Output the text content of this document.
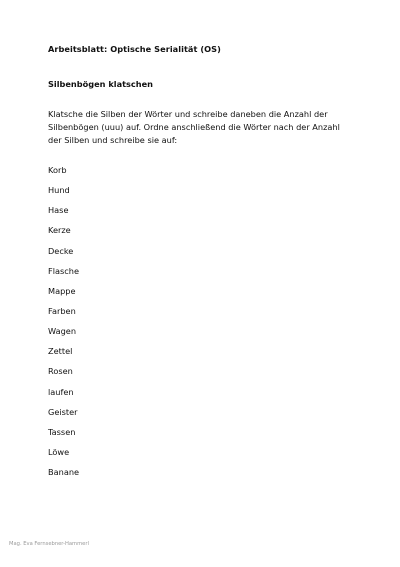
Arbeitsblatt: Optische Serialität (OS)
Silbenbögen klatschen
Klatsche die Silben der Wörter und schreibe daneben die Anzahl der
Silbenbögen (uuu) auf. Ordne anschließend die Wörter nach der Anzahl
der Silben und schreibe sie auf:
Korb
Hund
Hase
Kerze
Decke
Flasche
Mappe
Farben
Wagen
Zettel
Rosen
laufen
Geister
Tassen
Löwe
Banane
Mag. Eva Fernsebner-Hammerl
